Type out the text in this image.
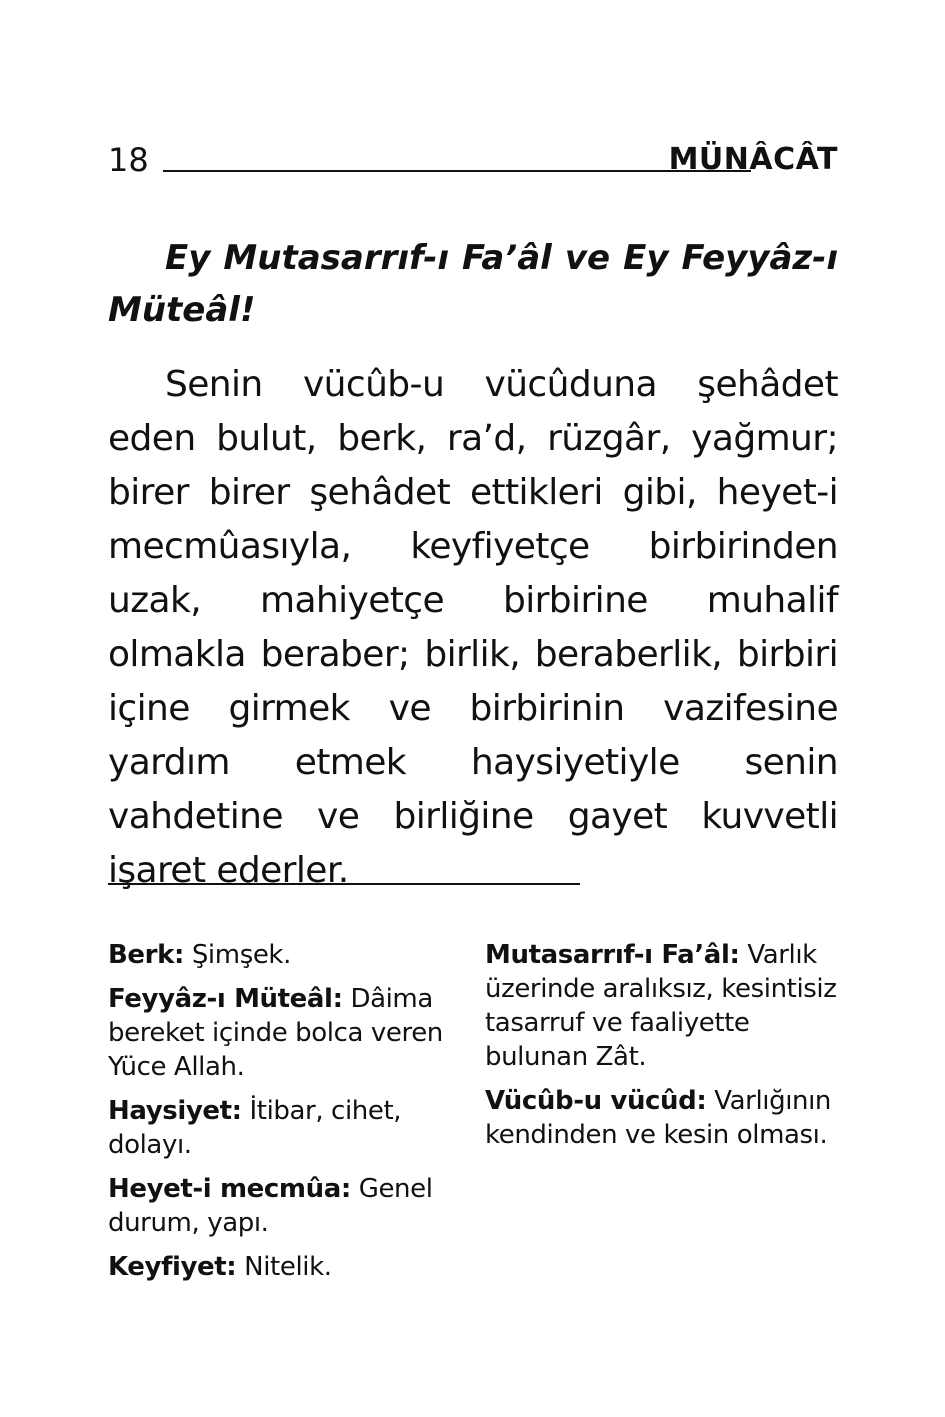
18	MÜNÂCÂT

Ey Mutasarrıf-ı Fa’âl ve Ey Feyyâz-ı Müteâl!

Senin vücûb-u vücûduna şehâdet eden bulut, berk, ra’d, rüzgâr, yağmur; birer birer şehâdet ettikleri gibi, heyet-i mecmûasıyla, keyfiyetçe birbirinden uzak, mahiyetçe birbirine muhalif olmakla beraber; birlik, beraberlik, birbiri içine girmek ve birbirinin vazifesine yardım etmek haysiyetiyle senin vahdetine ve birliğine gayet kuvvetli işaret ederler.

Berk: Şimşek.

Feyyâz-ı Müteâl: Dâima bereket içinde bolca veren Yüce Allah.

Haysiyet: İtibar, cihet, dolayı.

Heyet-i mecmûa: Genel durum, yapı.

Keyfiyet: Nitelik.

Mutasarrıf-ı Fa’âl: Varlık üzerinde aralıksız, kesintisiz tasarruf ve faaliyette bulunan Zât.

Vücûb-u vücûd: Varlığının kendinden ve kesin olması.
